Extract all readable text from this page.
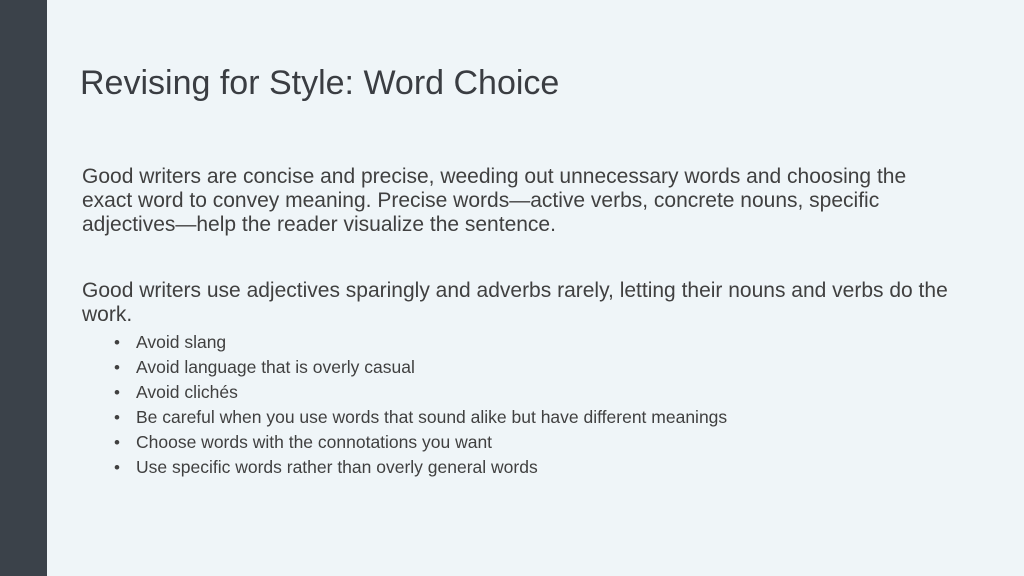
Revising for Style: Word Choice

Good writers are concise and precise, weeding out unnecessary words and choosing the exact word to convey meaning. Precise words—active verbs, concrete nouns, specific adjectives—help the reader visualize the sentence.

Good writers use adjectives sparingly and adverbs rarely, letting their nouns and verbs do the work.

• Avoid slang
• Avoid language that is overly casual
• Avoid clichés
• Be careful when you use words that sound alike but have different meanings
• Choose words with the connotations you want
• Use specific words rather than overly general words
